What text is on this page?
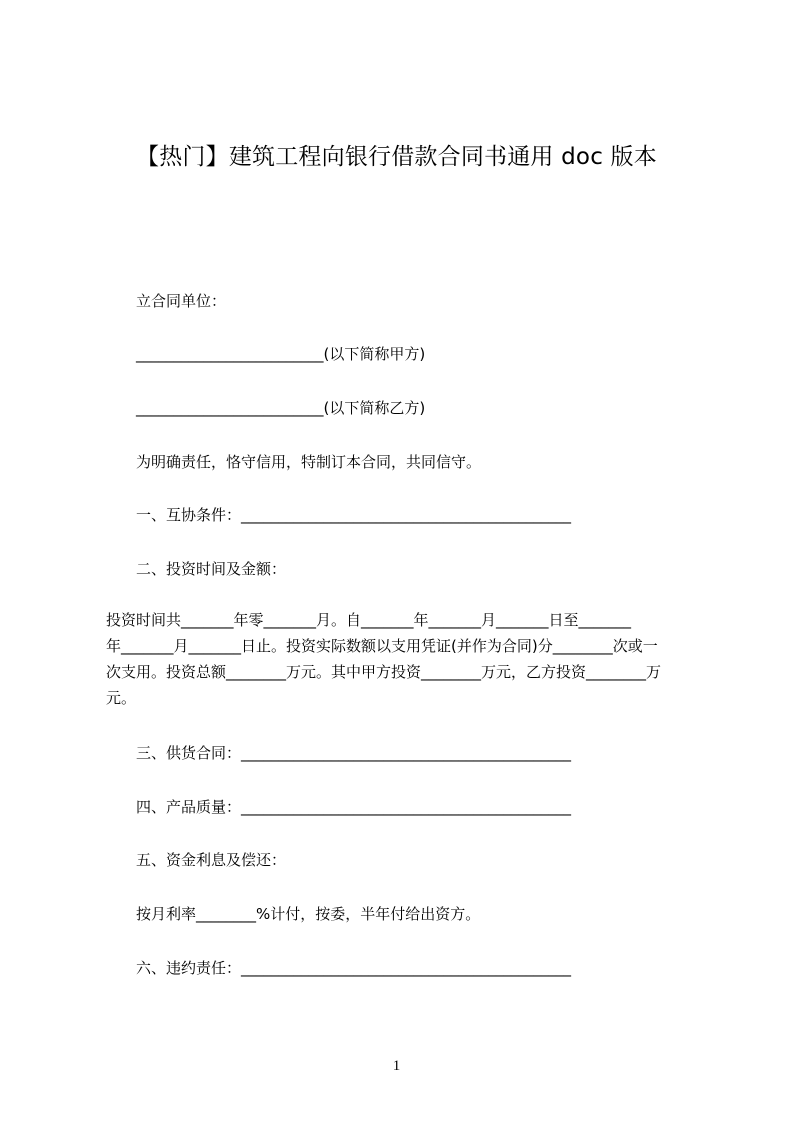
【热门】建筑工程向银行借款合同书通用 doc 版本
立合同单位：
_________________________(以下简称甲方)
_________________________(以下简称乙方)
为明确责任，恪守信用，特制订本合同，共同信守。
一、互协条件：____________________________________________
二、投资时间及金额：
投资时间共_______年零_______月。自_______年_______月_______日至_______
年_______月_______日止。投资实际数额以支用凭证(并作为合同)分________次或一
次支用。投资总额________万元。其中甲方投资________万元，乙方投资________万
元。
三、供货合同：____________________________________________
四、产品质量：____________________________________________
五、资金利息及偿还：
按月利率________%计付，按委，半年付给出资方。
六、违约责任：____________________________________________
1
